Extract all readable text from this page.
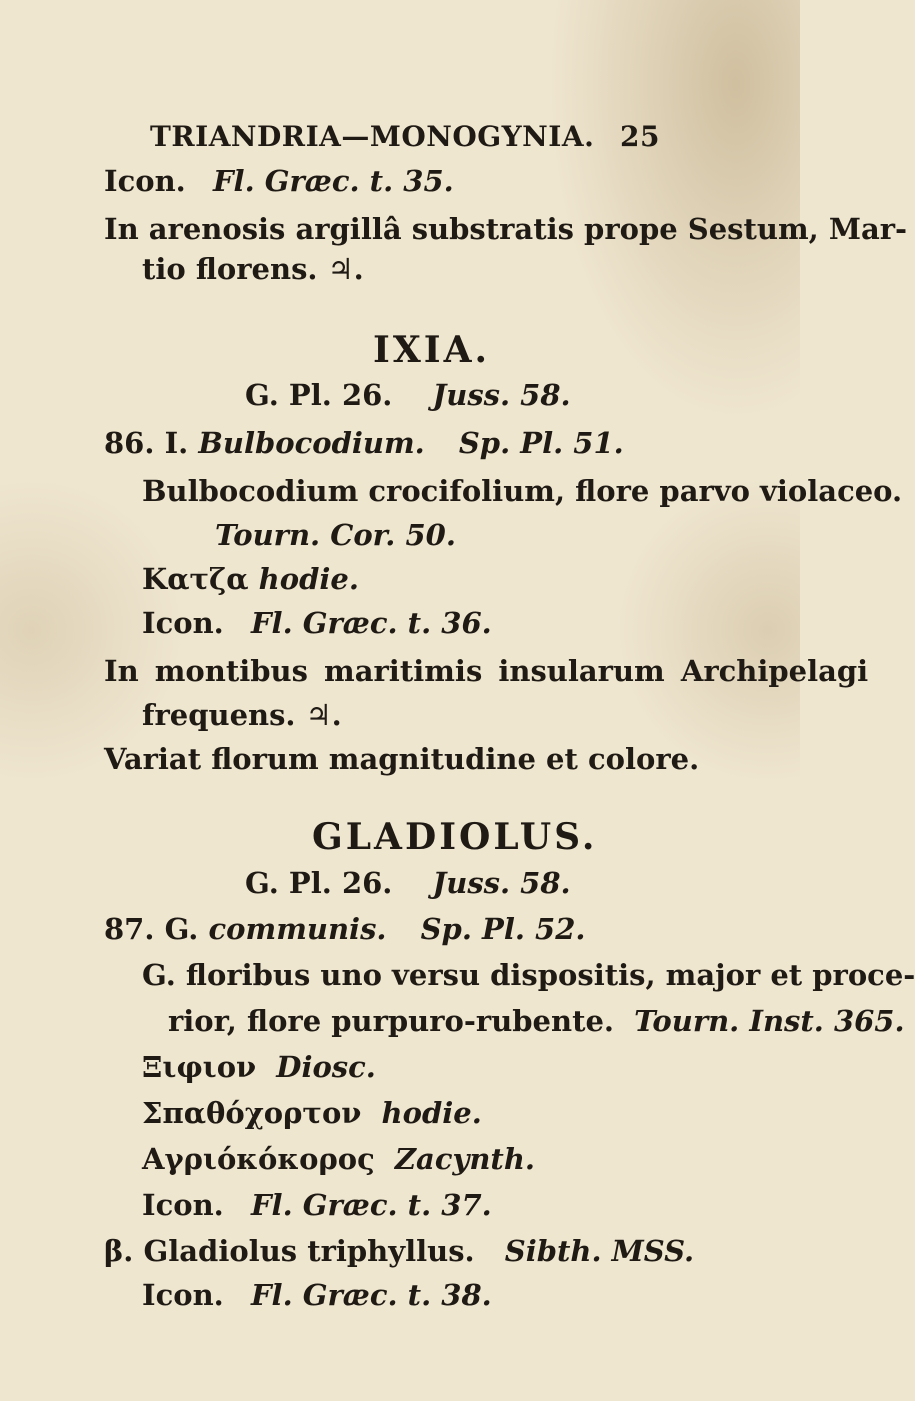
TRIANDRIA—MONOGYNIA. 25
Icon. Fl. Græc. t. 35.
In arenosis argillâ substratis prope Sestum, Mar-
tio florens. ♃.
IXIA.
G. Pl. 26. Juss. 58.
86. I. Bulbocodium. Sp. Pl. 51.
Bulbocodium crocifolium, flore parvo violaceo.
Tourn. Cor. 50.
Κατζα hodie.
Icon. Fl. Græc. t. 36.
In montibus maritimis insularum Archipelagi
frequens. ♃.
Variat florum magnitudine et colore.
GLADIOLUS.
G. Pl. 26. Juss. 58.
87. G. communis. Sp. Pl. 52.
G. floribus uno versu dispositis, major et proce-
rior, flore purpuro-rubente. Tourn. Inst. 365.
Ξιφιον Diosc.
Σπαθόχορτον hodie.
Αγριόκόκορος Zacynth.
Icon. Fl. Græc. t. 37.
β. Gladiolus triphyllus. Sibth. MSS.
Icon. Fl. Græc. t. 38.
